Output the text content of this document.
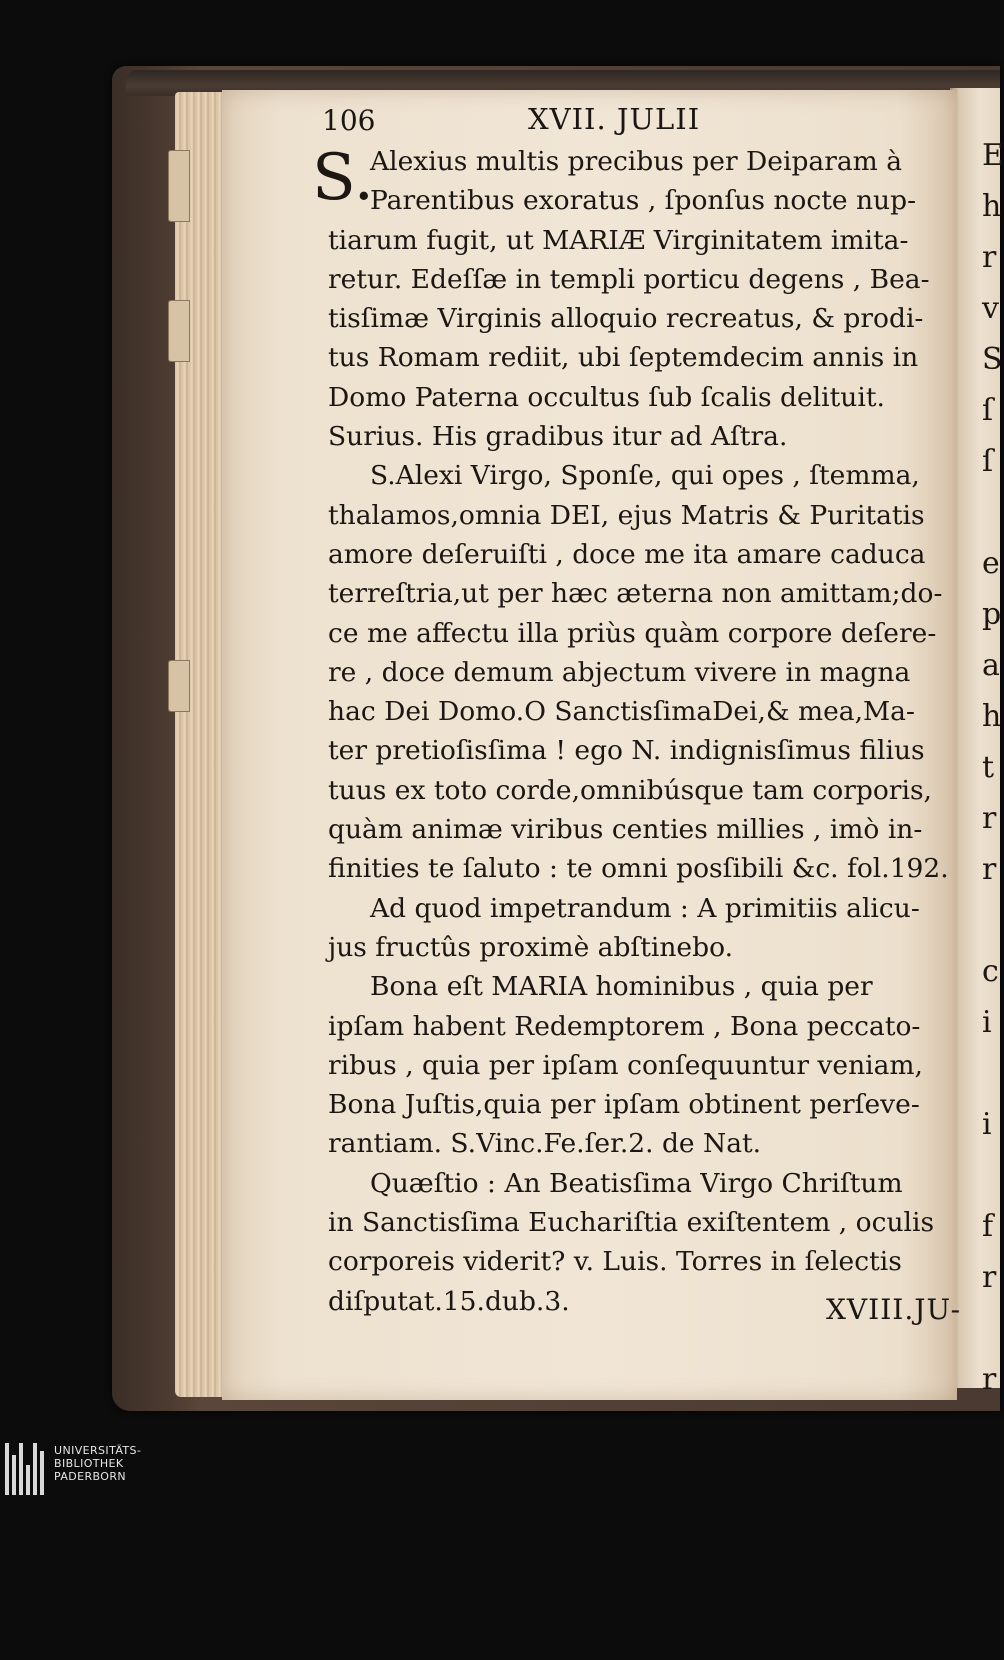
E
h
r
v
S
ſ
ſ
e
p
a
h
t
r
r
c
i
i
f
r
r
106	XVII. JULII
S.
Alexius multis precibus per Deiparam à
Parentibus exoratus , ſponſus nocte nup-
tiarum fugit, ut MARIÆ Virginitatem imita-
retur. Edeſſæ in templi porticu degens , Bea-
tisſimæ Virginis alloquio recreatus, & prodi-
tus Romam rediit, ubi ſeptemdecim annis in
Domo Paterna occultus ſub ſcalis delituit.
Surius. His gradibus itur ad Aſtra.
S.Alexi Virgo, Sponſe, qui opes , ſtemma,
thalamos,omnia DEI, ejus Matris & Puritatis
amore deſeruiſti , doce me ita amare caduca
terreſtria,ut per hæc æterna non amittam;do-
ce me affectu illa priùs quàm corpore deſere-
re , doce demum abjectum vivere in magna
hac Dei Domo.O SanctisſimaDei,& mea,Ma-
ter pretioſisſima ! ego N. indignisſimus filius
tuus ex toto corde,omnibúsque tam corporis,
quàm animæ viribus centies millies , imò in-
finities te ſaluto : te omni posſibili &c. fol.192.
Ad quod impetrandum : A primitiis alicu-
jus fructûs proximè abſtinebo.
Bona eſt MARIA hominibus , quia per
ipſam habent Redemptorem , Bona peccato-
ribus , quia per ipſam conſequuntur veniam,
Bona Juſtis,quia per ipſam obtinent perſeve-
rantiam. S.Vinc.Fe.ſer.2. de Nat.
Quæſtio : An Beatisſima Virgo Chriſtum
in Sanctisſima Euchariſtia exiſtentem , oculis
corporeis viderit? v. Luis. Torres in ſelectis
diſputat.15.dub.3.	XVIII.JU-
UNIVERSITÄTS-
BIBLIOTHEK
PADERBORN
